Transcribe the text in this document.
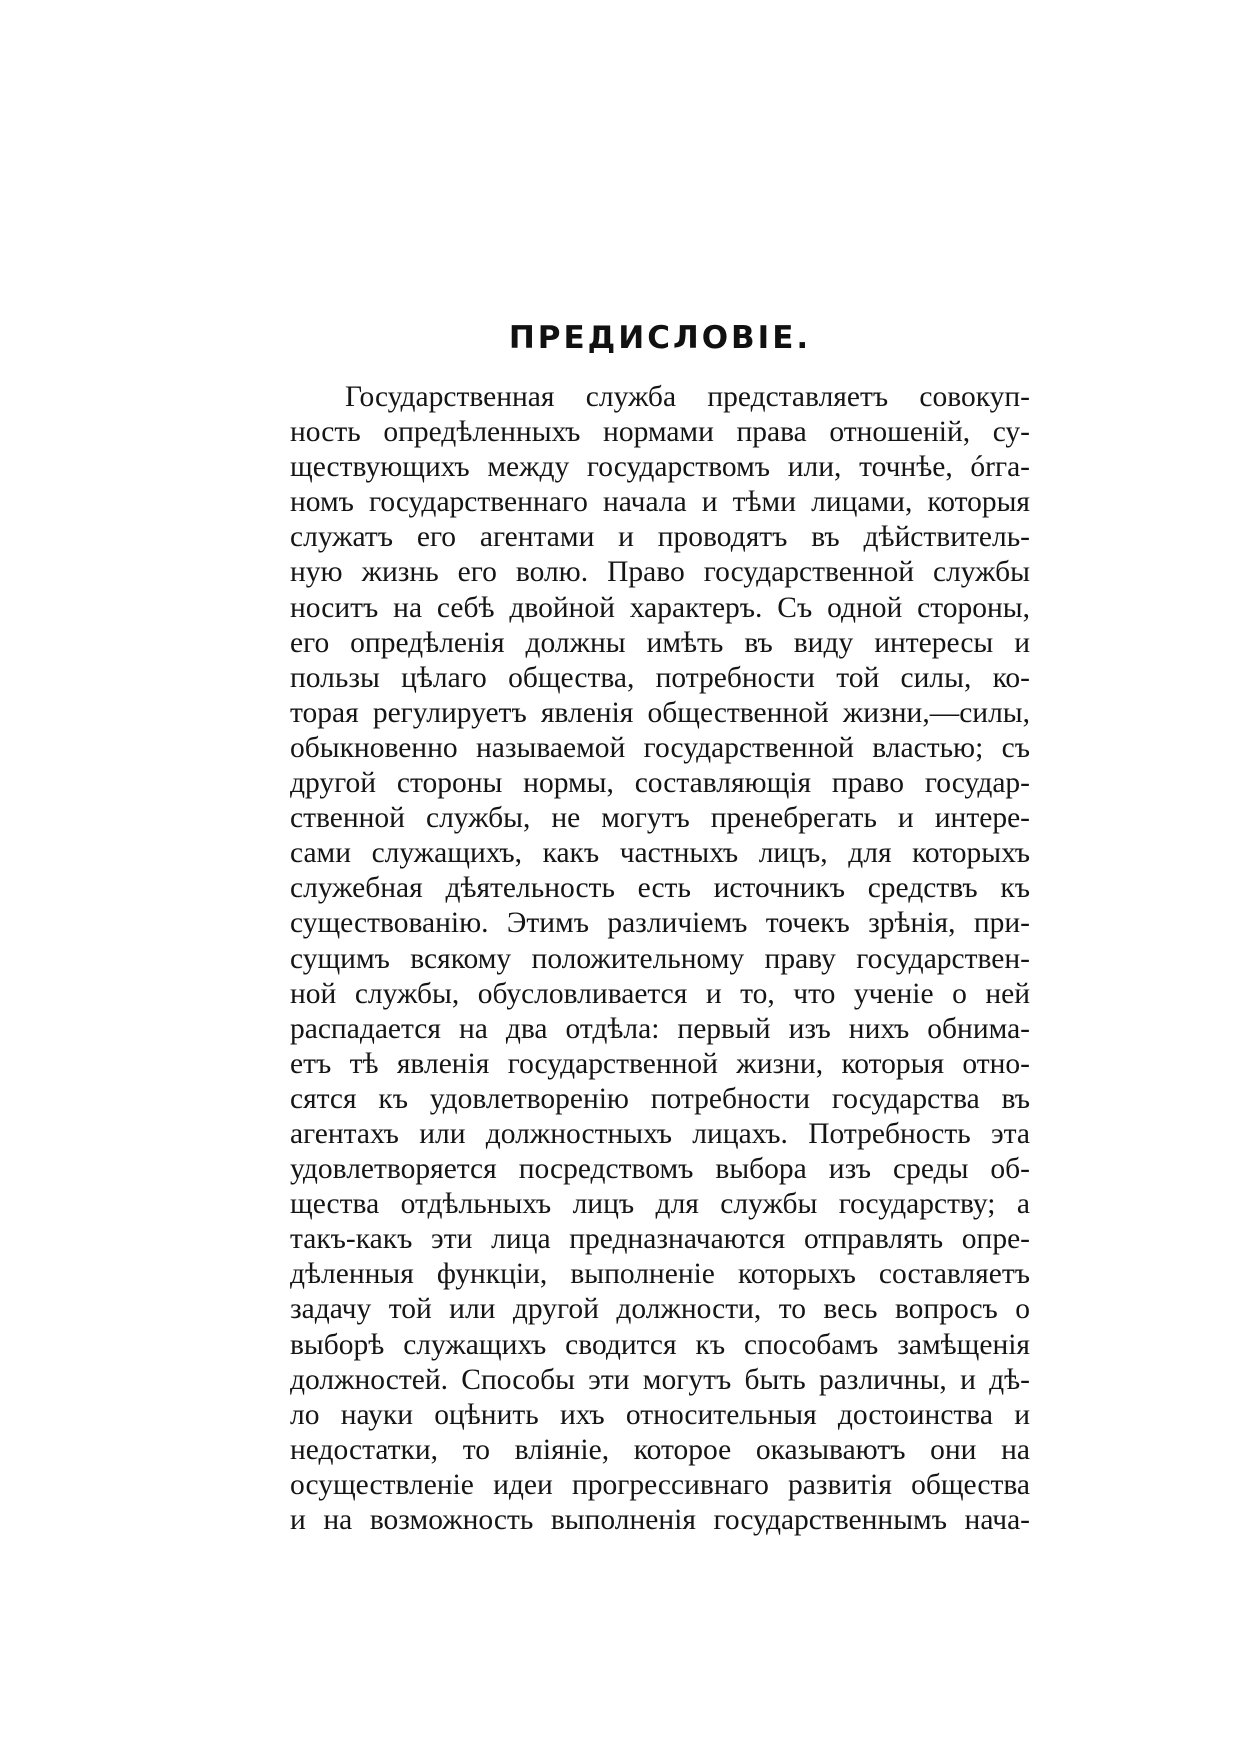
ПРЕДИСЛОВІЕ.
Государственная служба представляетъ совокуп-
ность опредѣленныхъ нормами права отношеній, су-
ществующихъ между государствомъ или, точнѣе, órга-
номъ государственнаго начала и тѣми лицами, которыя
служатъ его агентами и проводятъ въ дѣйствитель-
ную жизнь его волю. Право государственной службы
носитъ на себѣ двойной характеръ. Съ одной стороны,
его опредѣленія должны имѣть въ виду интересы и
пользы цѣлаго общества, потребности той силы, ко-
торая регулируетъ явленія общественной жизни,—силы,
обыкновенно называемой государственной властью; съ
другой стороны нормы, составляющія право государ-
ственной службы, не могутъ пренебрегать и интере-
сами служащихъ, какъ частныхъ лицъ, для которыхъ
служебная дѣятельность есть источникъ средствъ къ
существованію. Этимъ различіемъ точекъ зрѣнія, при-
сущимъ всякому положительному праву государствен-
ной службы, обусловливается и то, что ученіе о ней
распадается на два отдѣла: первый изъ нихъ обнима-
етъ тѣ явленія государственной жизни, которыя отно-
сятся къ удовлетворенію потребности государства въ
агентахъ или должностныхъ лицахъ. Потребность эта
удовлетворяется посредствомъ выбора изъ среды об-
щества отдѣльныхъ лицъ для службы государству; а
такъ-какъ эти лица предназначаются отправлять опре-
дѣленныя функціи, выполненіе которыхъ составляетъ
задачу той или другой должности, то весь вопросъ о
выборѣ служащихъ сводится къ способамъ замѣщенія
должностей. Способы эти могутъ быть различны, и дѣ-
ло науки оцѣнить ихъ относительныя достоинства и
недостатки, то вліяніе, которое оказываютъ они на
осуществленіе идеи прогрессивнаго развитія общества
и на возможность выполненія государственнымъ нача-
